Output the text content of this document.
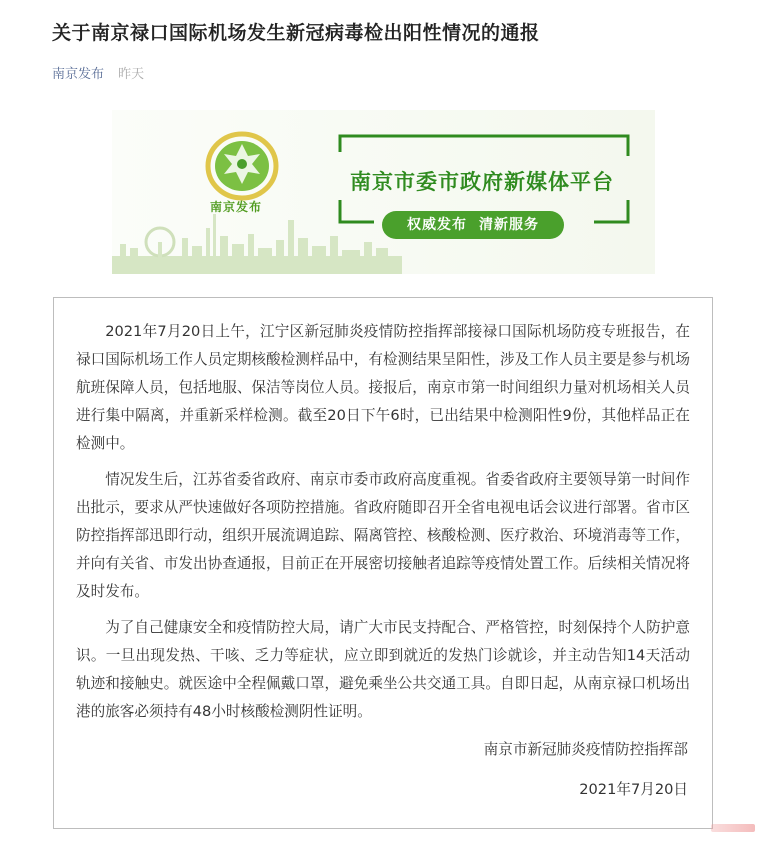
关于南京禄口国际机场发生新冠病毒检出阳性情况的通报
南京发布 昨天
南京发布
南京市委市政府新媒体平台
权威发布 清新服务

2021年7月20日上午，江宁区新冠肺炎疫情防控指挥部接禄口国际机场防疫专班报告，在禄口国际机场工作人员定期核酸检测样品中，有检测结果呈阳性，涉及工作人员主要是参与机场航班保障人员，包括地服、保洁等岗位人员。接报后，南京市第一时间组织力量对机场相关人员进行集中隔离，并重新采样检测。截至20日下午6时，已出结果中检测阳性9份，其他样品正在检测中。

情况发生后，江苏省委省政府、南京市委市政府高度重视。省委省政府主要领导第一时间作出批示，要求从严快速做好各项防控措施。省政府随即召开全省电视电话会议进行部署。省市区防控指挥部迅即行动，组织开展流调追踪、隔离管控、核酸检测、医疗救治、环境消毒等工作，并向有关省、市发出协查通报，目前正在开展密切接触者追踪等疫情处置工作。后续相关情况将及时发布。

为了自己健康安全和疫情防控大局，请广大市民支持配合、严格管控，时刻保持个人防护意识。一旦出现发热、干咳、乏力等症状，应立即到就近的发热门诊就诊，并主动告知14天活动轨迹和接触史。就医途中全程佩戴口罩，避免乘坐公共交通工具。自即日起，从南京禄口机场出港的旅客必须持有48小时核酸检测阴性证明。

南京市新冠肺炎疫情防控指挥部
2021年7月20日
